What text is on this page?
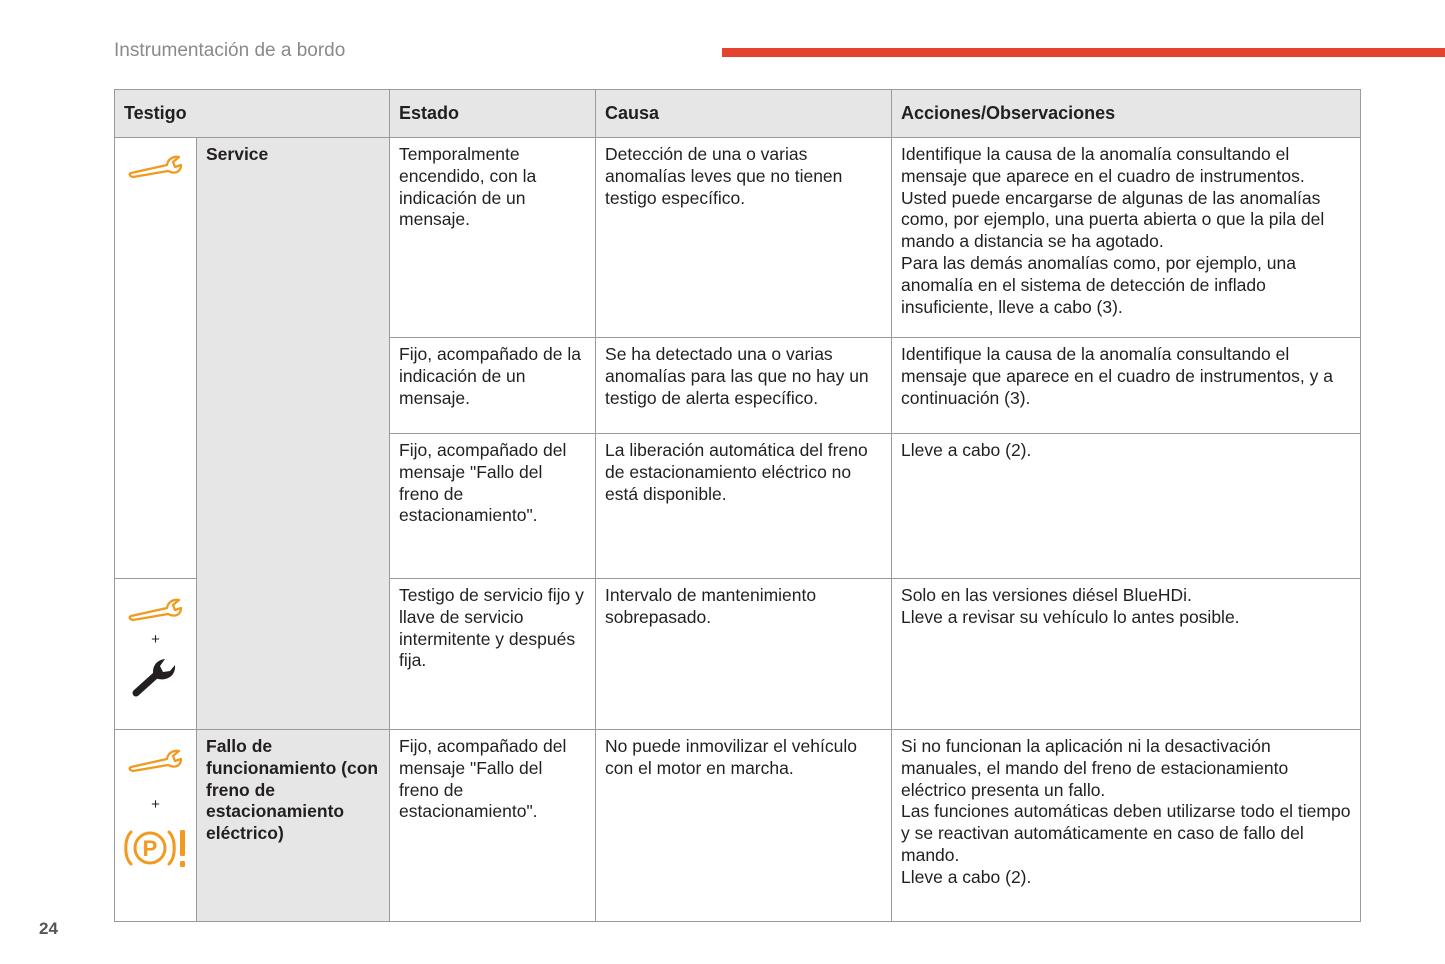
Instrumentación de a bordo
Testigo		Estado	Causa	Acciones/Observaciones
	Service	Temporalmente encendido, con la indicación de un mensaje.	Detección de una o varias anomalías leves que no tienen testigo específico.	Identifique la causa de la anomalía consultando el mensaje que aparece en el cuadro de instrumentos.
Usted puede encargarse de algunas de las anomalías como, por ejemplo, una puerta abierta o que la pila del mando a distancia se ha agotado.
Para las demás anomalías como, por ejemplo, una anomalía en el sistema de detección de inflado insuficiente, lleve a cabo (3).
		Fijo, acompañado de la indicación de un mensaje.	Se ha detectado una o varias anomalías para las que no hay un testigo de alerta específico.	Identifique la causa de la anomalía consultando el mensaje que aparece en el cuadro de instrumentos, y a continuación (3).
		Fijo, acompañado del mensaje "Fallo del freno de estacionamiento".	La liberación automática del freno de estacionamiento eléctrico no está disponible.	Lleve a cabo (2).

+		Testigo de servicio fijo y llave de servicio intermitente y después fija.	Intervalo de mantenimiento sobrepasado.	Solo en las versiones diésel BlueHDi.
Lleve a revisar su vehículo lo antes posible.

+
P	Fallo de funcionamiento (con freno de estacionamiento eléctrico)	Fijo, acompañado del mensaje "Fallo del freno de estacionamiento".	No puede inmovilizar el vehículo con el motor en marcha.	Si no funcionan la aplicación ni la desactivación manuales, el mando del freno de estacionamiento eléctrico presenta un fallo.
Las funciones automáticas deben utilizarse todo el tiempo y se reactivan automáticamente en caso de fallo del mando.
Lleve a cabo (2).
24
